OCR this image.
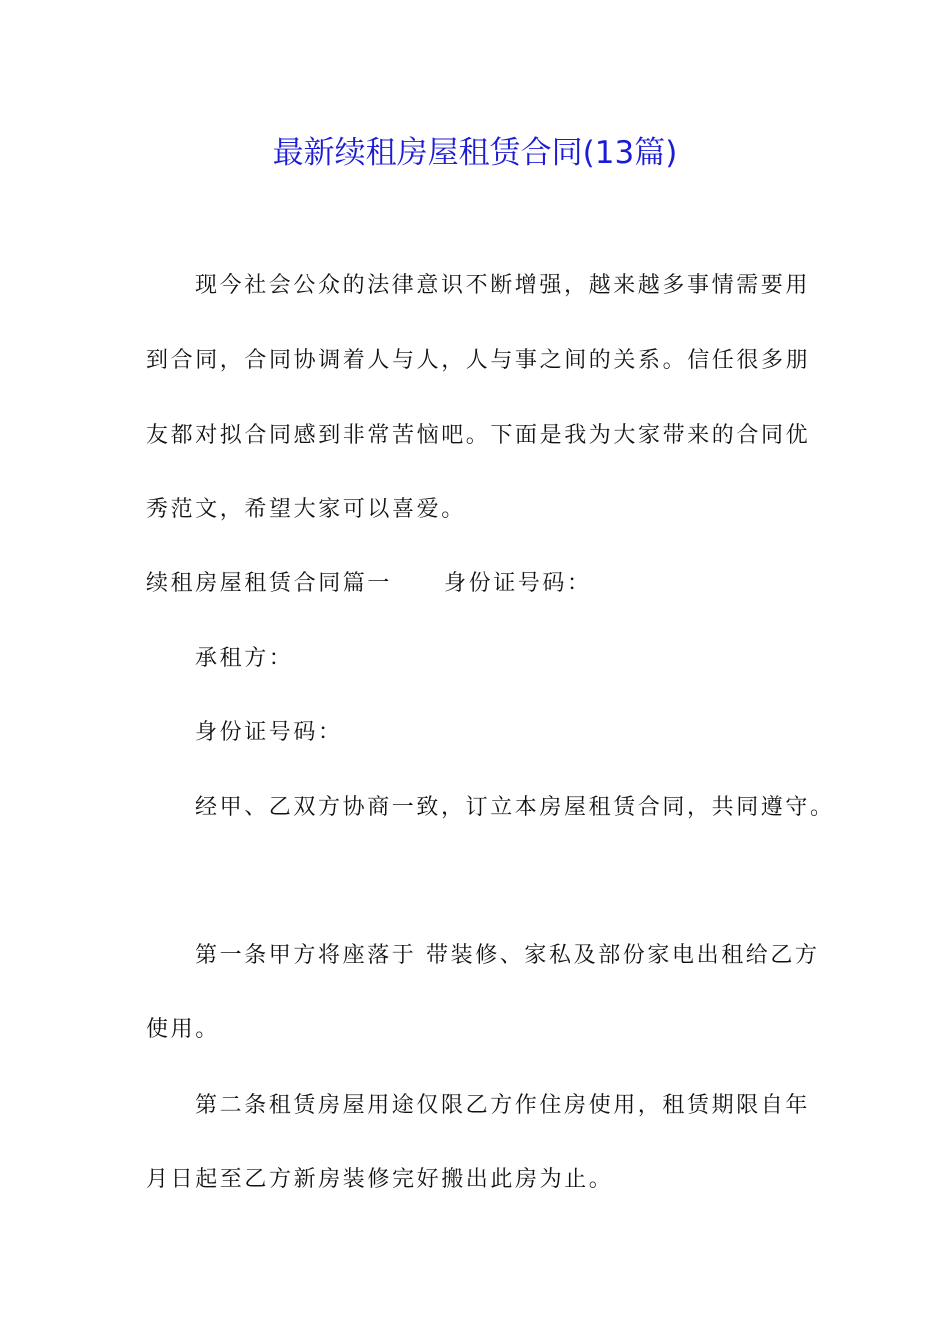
最新续租房屋租赁合同(13篇)

现今社会公众的法律意识不断增强，越来越多事情需要用

到合同，合同协调着人与人，人与事之间的关系。信任很多朋

友都对拟合同感到非常苦恼吧。下面是我为大家带来的合同优

秀范文，希望大家可以喜爱。

续租房屋租赁合同篇一 身份证号码：

承租方：

身份证号码：

经甲、乙双方协商一致，订立本房屋租赁合同，共同遵守。

第一条甲方将座落于 带装修、家私及部份家电出租给乙方

使用。

第二条租赁房屋用途仅限乙方作住房使用，租赁期限自年

月日起至乙方新房装修完好搬出此房为止。
